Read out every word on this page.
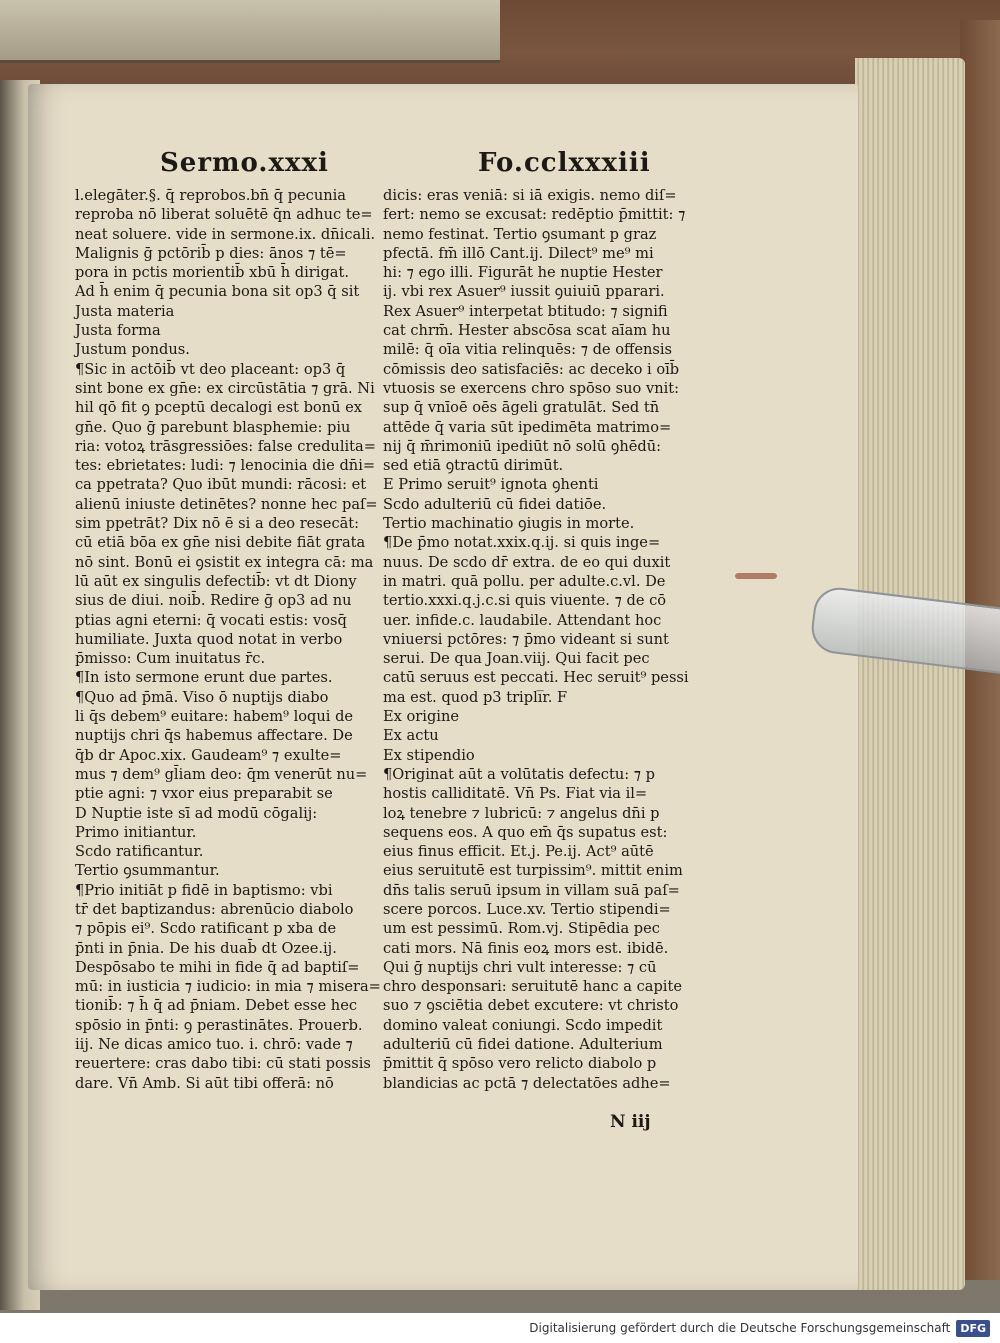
Sermo.xxxi	Fo.cclxxxiii
l.elegāter.§. q̄ reprobos.bn̄ q̄ pecunia
reproba nō liberat soluētē q̄n adhuc te=
neat soluere. vide in sermone.ix. dn̄icali.
Malignis ḡ pctōrib̄ p dies: ānos ⁊ tē=
pora in pctis morientib̄ xbū h̄ dirigat.
Ad h̄ enim q̄ pecunia bona sit op3 q̄ sit
Justa materia
Justa forma
Justum pondus.
¶Sic in actōib̄ vt deo placeant: op3 q̄
sint bone ex gn̄e: ex circūstātia ⁊ grā. Ni
hil qō fit ꝯ pceptū decalogi est bonū ex
gn̄e. Quo ḡ parebunt blasphemie: piu
ria: votoꝝ trāsgressiōes: false credulita=
tes: ebrietates: ludi: ⁊ lenocinia die dn̄i=
ca ppetrata? Quo ibūt mundi: rācosi: et
alienū iniuste detinētes? nonne hec paſ=
sim ppetrāt? Dix nō ē si a deo resecāt:
cū etiā bōa ex gn̄e nisi debite fiāt grata
nō sint. Bonū ei ꝯsistit ex integra cā: ma
lū aūt ex singulis defectib̄: vt dt Diony
sius de diui. noib̄. Redire ḡ op3 ad nu
ptias agni eterni: q̄ vocati estis: vosq̄
humiliate. Juxta quod notat in verbo
p̄misso: Cum inuitatus r̄c.
¶In isto sermone erunt due partes.
¶Quo ad p̄mā. Viso ō nuptijs diabo
li q̄s debem⁹ euitare: habem⁹ loqui de
nuptijs chri q̄s habemus affectare. De
q̄b dr Apoc.xix. Gaudeam⁹ ⁊ exulte=
mus ⁊ dem⁹ gl̄iam deo: q̄m venerūt nu=
ptie agni: ⁊ vxor eius preparabit se
D Nuptie iste sī ad modū cōgalij:
Primo initiantur.
Scdo ratificantur.
Tertio ꝯsummantur.
¶Prio initiāt p fidē in baptismo: vbi
tr̄ det baptizandus: abrenūcio diabolo
⁊ pōpis ei⁹. Scdo ratificant p xba de
p̄nti in p̄nia. De his duab̄ dt Ozee.ij.
Despōsabo te mihi in fide q̄ ad baptiſ=
mū: in iusticia ⁊ iudicio: in mia ⁊ misera=
tionib̄: ⁊ h̄ q̄ ad p̄niam. Debet esse hec
spōsio in p̄nti: ꝯ perastinātes. Prouerb.
iij. Ne dicas amico tuo. i. chrō: vade ⁊
reuertere: cras dabo tibi: cū stati possis
dare. Vn̄ Amb. Si aūt tibi offerā: nō
dicis: eras veniā: si iā exigis. nemo diſ=
fert: nemo se excusat: redēptio p̄mittit: ⁊
nemo festinat. Tertio ꝯsumant p graz
pfectā. fm̄ illō Cant.ij. Dilect⁹ me⁹ mi
hi: ⁊ ego illi. Figurāt he nuptie Hester
ij. vbi rex Asuer⁹ iussit ꝯuiuiū pparari.
Rex Asuer⁹ interpetat btitudo: ⁊ signifi
cat chrm̄. Hester abscōsa scat aīam hu
milē: q̄ oīa vitia relinquēs: ⁊ de offensis
cōmissis deo satisfaciēs: ac deceko i oīb̄
vtuosis se exercens chro spōso suo vnit:
sup q̄ vnīoē oēs āgeli gratulāt. Sed tn̄
attēde q̄ varia sūt ipedimēta matrimo=
nij q̄ m̄rimoniū ipediūt nō solū ꝯhēdū:
sed etiā ꝯtractū dirimūt.
E Primo seruit⁹ ignota ꝯhenti
Scdo adulteriū cū fidei datiōe.
Tertio machinatio ꝯiugis in morte.
¶De p̄mo notat.xxix.q.ij. si quis inge=
nuus. De scdo dr̄ extra. de eo qui duxit
in matri. quā pollu. per adulte.c.vl. De
tertio.xxxi.q.j.c.si quis viuente. ⁊ de cō
uer. infide.c. laudabile. Attendant hoc
vniuersi pctōres: ⁊ p̄mo videant si sunt
serui. De qua Joan.viij. Qui facit pec
catū seruus est peccati. Hec seruit⁹ pessi
ma est. quod p3 tripli̅r. F
Ex origine
Ex actu
Ex stipendio
¶Originat aūt a volūtatis defectu: ⁊ p
hostis calliditatē. Vn̄ Ps. Fiat via il=
loꝝ tenebre ⁊ lubricū: ⁊ angelus dn̄i p
sequens eos. A quo em̄ q̄s supatus est:
eius finus efficit. Et.j. Pe.ij. Act⁹ aūtē
eius seruitutē est turpissim⁹. mittit enim
dn̄s talis seruū ipsum in villam suā paſ=
scere porcos. Luce.xv. Tertio stipendi=
um est pessimū. Rom.vj. Stipēdia pec
cati mors. Nā finis eoꝝ mors est. ibidē.
Qui ḡ nuptijs chri vult interesse: ⁊ cū
chro desponsari: seruitutē hanc a capite
suo ⁊ ꝯsciētia debet excutere: vt christo
domino valeat coniungi. Scdo impedit
adulteriū cū fidei datione. Adulterium
p̄mittit q̄ spōso vero relicto diabolo p
blandicias ac pctā ⁊ delectatōes adhe=
N iij
Digitalisierung gefördert durch die Deutsche Forschungsgemeinschaft DFG
